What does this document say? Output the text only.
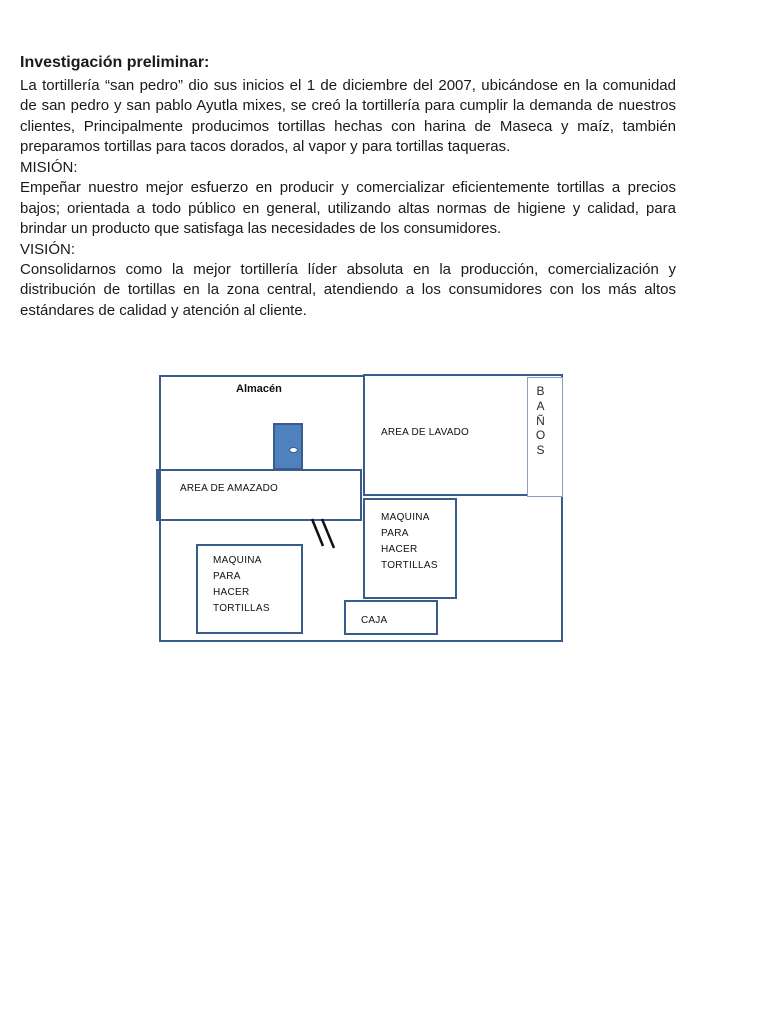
Investigación preliminar:
La tortillería “san pedro” dio sus inicios el 1 de diciembre del 2007, ubicándose en la comunidad
de san pedro y san pablo Ayutla mixes, se creó la tortillería para cumplir la demanda de nuestros
clientes, Principalmente producimos tortillas hechas con harina de Maseca y maíz, también
preparamos tortillas para tacos dorados, al vapor y para tortillas taqueras.
MISIÓN:
Empeñar nuestro mejor esfuerzo en producir y comercializar eficientemente tortillas a precios
bajos; orientada a todo público en general, utilizando altas normas de higiene y calidad, para
brindar un producto que satisfaga las necesidades de los consumidores.
VISIÓN:
Consolidarnos como la mejor tortillería líder absoluta en la producción, comercialización y
distribución de tortillas en la zona central, atendiendo a los consumidores con los más altos
estándares de calidad y atención al cliente.
Almacén
AREA DE LAVADO
BAÑOS
AREA DE AMAZADO
MAQUINA
PARA
HACER
TORTILLAS
MAQUINA
PARA
HACER
TORTILLAS
CAJA
